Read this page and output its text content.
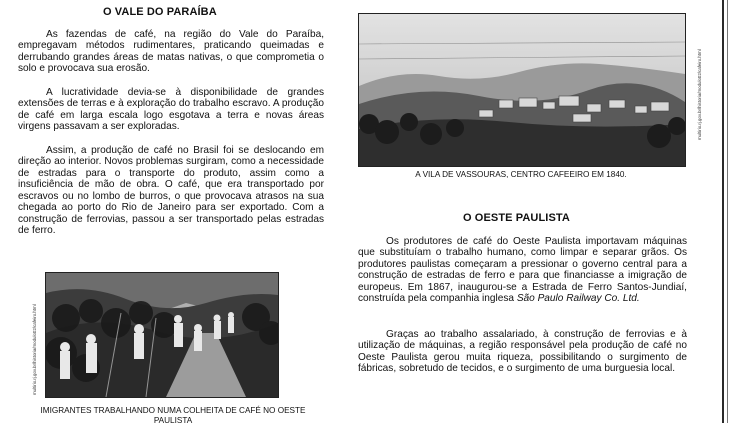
O VALE DO PARAÍBA

As fazendas de café, na região do Vale do Paraíba, empregavam métodos rudimentares, praticando queimadas e derrubando grandes áreas de matas nativas, o que comprometia o solo e provocava sua erosão.

A lucratividade devia-se à disponibilidade de grandes extensões de terras e à exploração do trabalho escravo. A produção de café em larga escala logo esgotava a terra e novas áreas virgens passavam a ser exploradas.

Assim, a produção de café no Brasil foi se deslocando em direção ao interior. Novos problemas surgiram, como a necessidade de estradas para o transporte do produto, assim como a insuficiência de mão de obra. O café, que era transportado por escravos ou no lombo de burros, o que provocava atrasos na sua chegada ao porto do Rio de Janeiro para ser exportado. Com a construção de ferrovias, passou a ser transportado pelas estradas de ferro.

multirio.rj.gov.br/historia/modulo02/cafeiro.html
IMIGRANTES TRABALHANDO NUMA COLHEITA DE CAFÉ NO OESTE PAULISTA
multirio.rj.gov.br/historia/modulo02/cafeiro.html
A VILA DE VASSOURAS, CENTRO CAFEEIRO EM 1840.
O OESTE PAULISTA

Os produtores de café do Oeste Paulista importavam máquinas que substituíam o trabalho humano, como limpar e separar grãos. Os produtores paulistas começaram a pressionar o governo central para a construção de estradas de ferro e para que financiasse a imigração de europeus. Em 1867, inaugurou-se a Estrada de Ferro Santos-Jundiaí, construída pela companhia inglesa São Paulo Railway Co. Ltd.

Graças ao trabalho assalariado, à construção de ferrovias e à utilização de máquinas, a região responsável pela produção de café no Oeste Paulista gerou muita riqueza, possibilitando o surgimento de fábricas, sobretudo de tecidos, e o surgimento de uma burguesia local.
